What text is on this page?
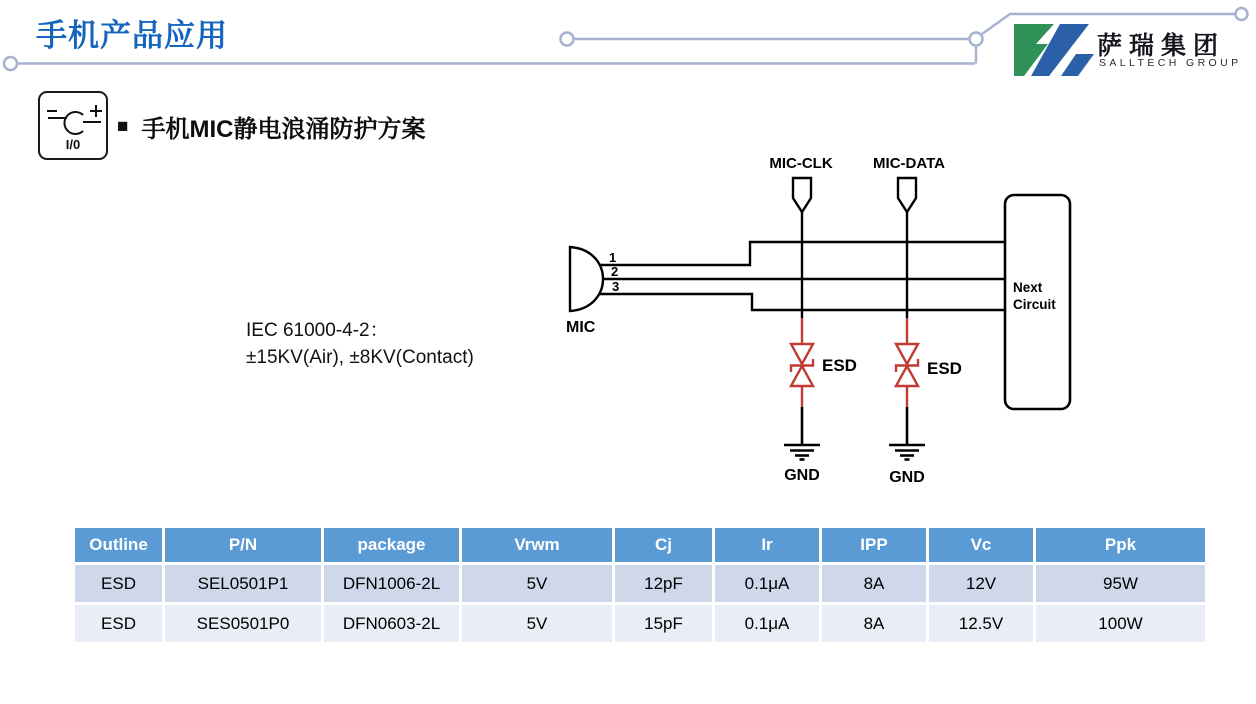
手机产品应用	萨瑞集团
SALLTECH GROUP
I/0
■ 手机MIC静电浪涌防护方案
IEC 61000-4-2：
±15KV(Air), ±8KV(Contact)
1
2
3
MIC
MIC-CLK
ESD
GND
MIC-DATA
ESD
GND
Next
Circuit
Outline	P/N	package	Vrwm	Cj	Ir	IPP	Vc	Ppk
ESD	SEL0501P1	DFN1006-2L	5V	12pF	0.1μA	8A	12V	95W
ESD	SES0501P0	DFN0603-2L	5V	15pF	0.1μA	8A	12.5V	100W
